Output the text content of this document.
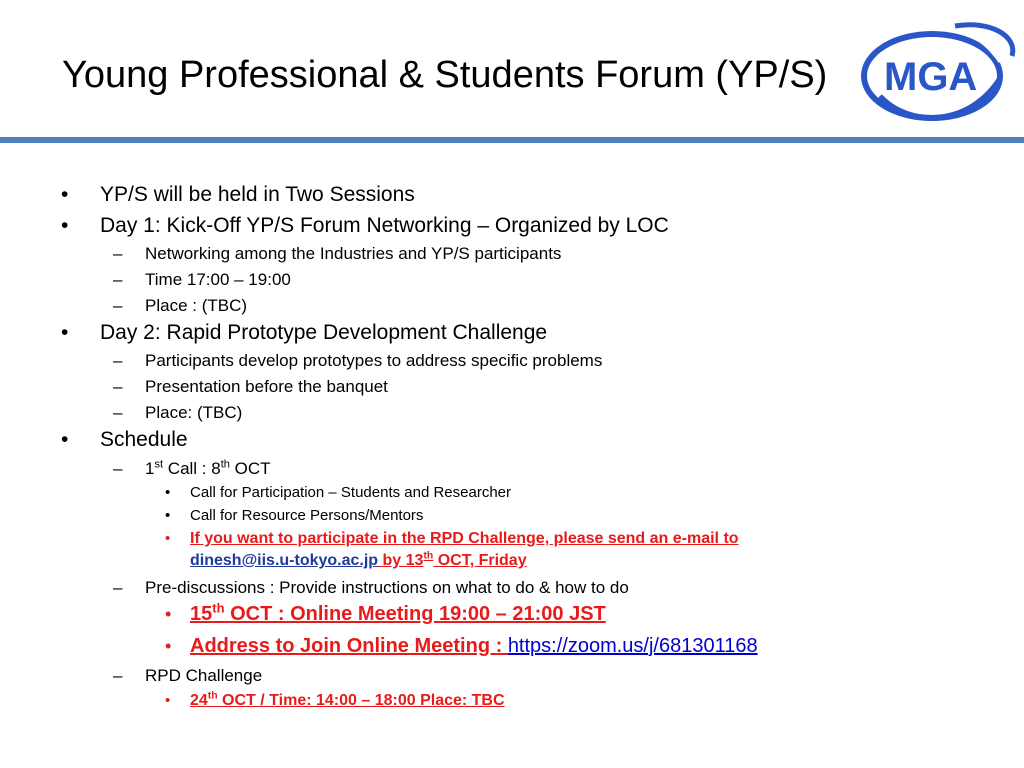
Young Professional & Students Forum (YP/S) MGA
• YP/S will be held in Two Sessions
• Day 1: Kick-Off YP/S Forum Networking – Organized by LOC
– Networking among the Industries and YP/S participants
– Time 17:00 – 19:00
– Place : (TBC)
• Day 2: Rapid Prototype Development Challenge
– Participants develop prototypes to address specific problems
– Presentation before the banquet
– Place: (TBC)
• Schedule
– 1st Call : 8th OCT
• Call for Participation – Students and Researcher
• Call for Resource Persons/Mentors
• If you want to participate in the RPD Challenge, please send an e-mail to
dinesh@iis.u-tokyo.ac.jp by 13th OCT, Friday
– Pre-discussions : Provide instructions on what to do & how to do
• 15th OCT : Online Meeting 19:00 – 21:00 JST
• Address to Join Online Meeting : https://zoom.us/j/681301168
– RPD Challenge
• 24th OCT / Time: 14:00 – 18:00 Place: TBC
